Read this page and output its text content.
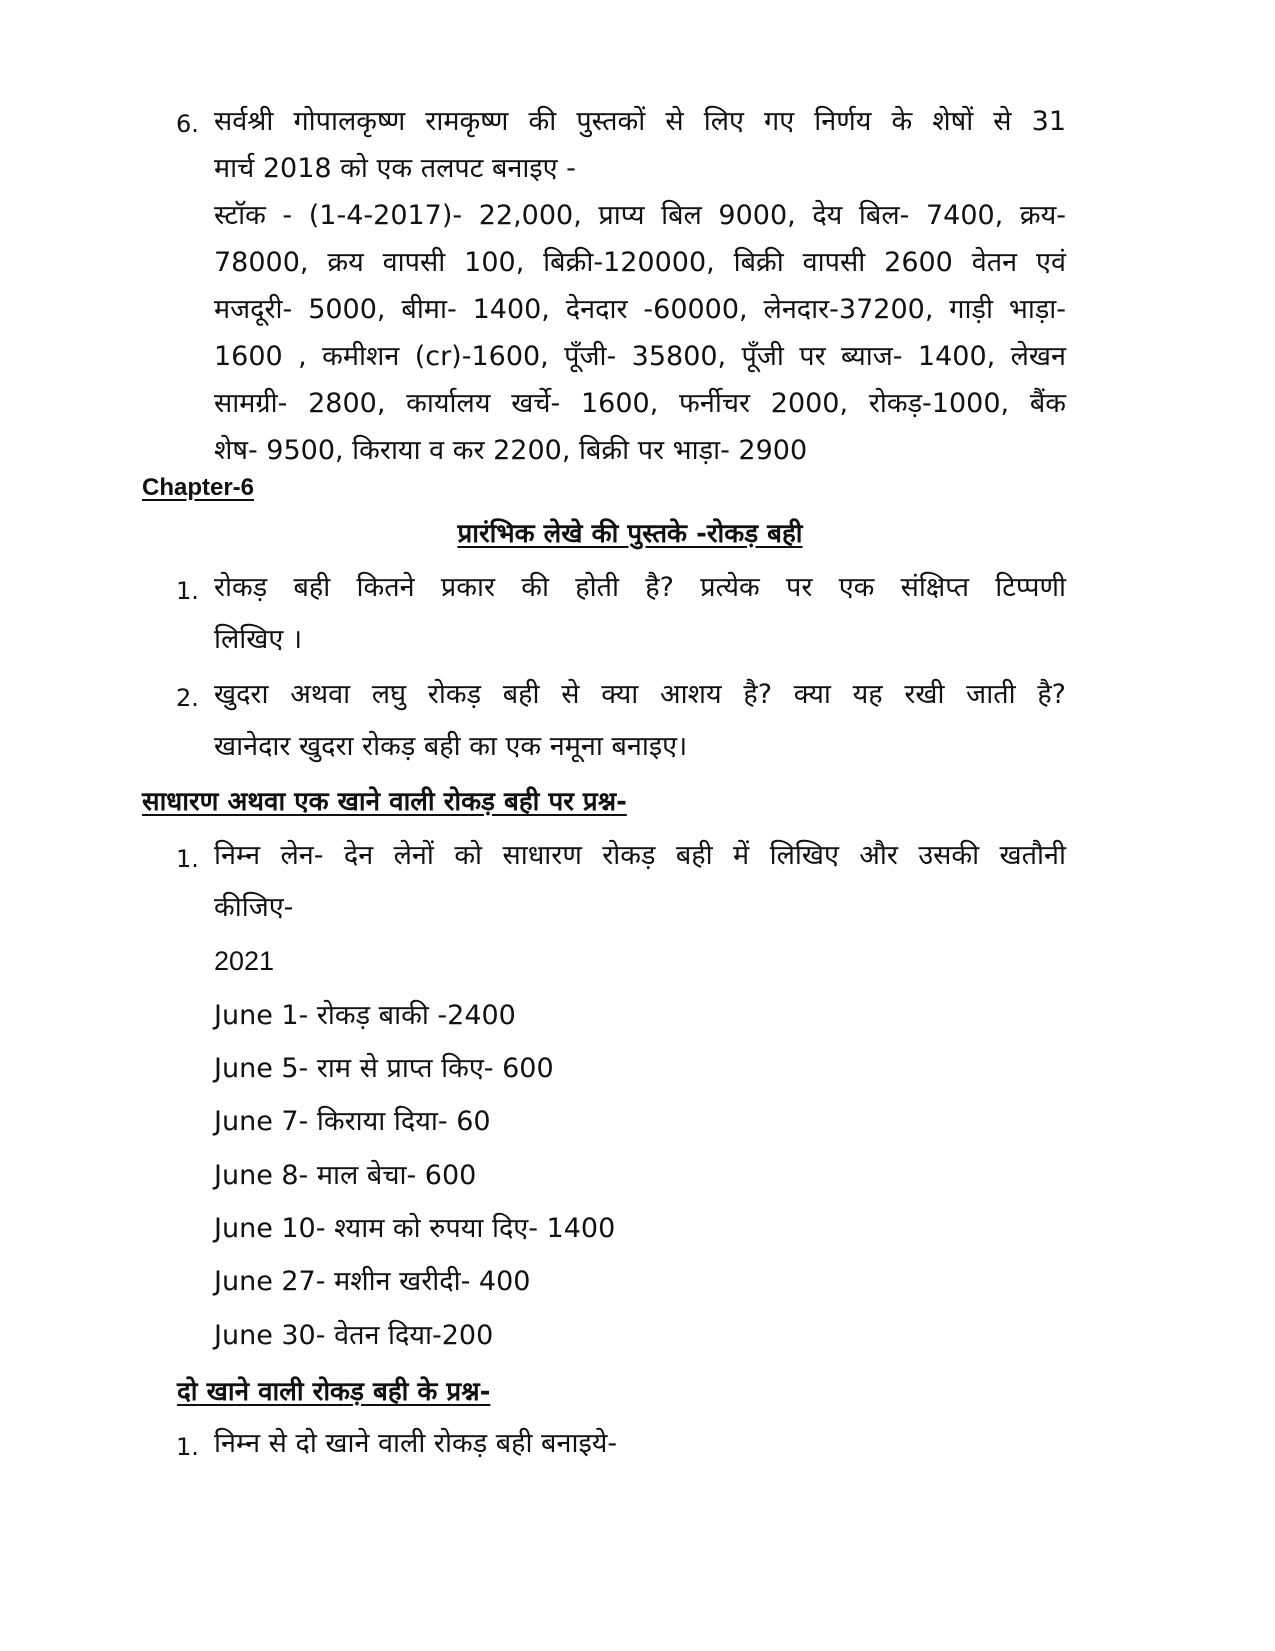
6. सर्वश्री गोपालकृष्ण रामकृष्ण की पुस्तकों से लिए गए निर्णय के शेषों से 31
मार्च 2018 को एक तलपट बनाइए -
स्टॉक - (1-4-2017)- 22,000, प्राप्य बिल 9000, देय बिल- 7400, क्रय-
78000, क्रय वापसी 100, बिक्री-120000, बिक्री वापसी 2600 वेतन एवं
मजदूरी- 5000, बीमा- 1400, देनदार -60000, लेनदार-37200, गाड़ी भाड़ा-
1600 , कमीशन (cr)-1600, पूँजी- 35800, पूँजी पर ब्याज- 1400, लेखन
सामग्री- 2800, कार्यालय खर्चे- 1600, फर्नीचर 2000, रोकड़-1000, बैंक
शेष- 9500, किराया व कर 2200, बिक्री पर भाड़ा- 2900
Chapter-6
प्रारंभिक लेखे की पुस्तके -रोकड़ बही
1. रोकड़ बही कितने प्रकार की होती है? प्रत्येक पर एक संक्षिप्त टिप्पणी
लिखिए ।
2. खुदरा अथवा लघु रोकड़ बही से क्या आशय है? क्या यह रखी जाती है?
खानेदार खुदरा रोकड़ बही का एक नमूना बनाइए।
साधारण अथवा एक खाने वाली रोकड़ बही पर प्रश्न-
1. निम्न लेन- देन लेनों को साधारण रोकड़ बही में लिखिए और उसकी खतौनी
कीजिए-
2021
June 1- रोकड़ बाकी -2400
June 5- राम से प्राप्त किए- 600
June 7- किराया दिया- 60
June 8- माल बेचा- 600
June 10- श्याम को रुपया दिए- 1400
June 27- मशीन खरीदी- 400
June 30- वेतन दिया-200
दो खाने वाली रोकड़ बही के प्रश्न-
1. निम्न से दो खाने वाली रोकड़ बही बनाइये-
